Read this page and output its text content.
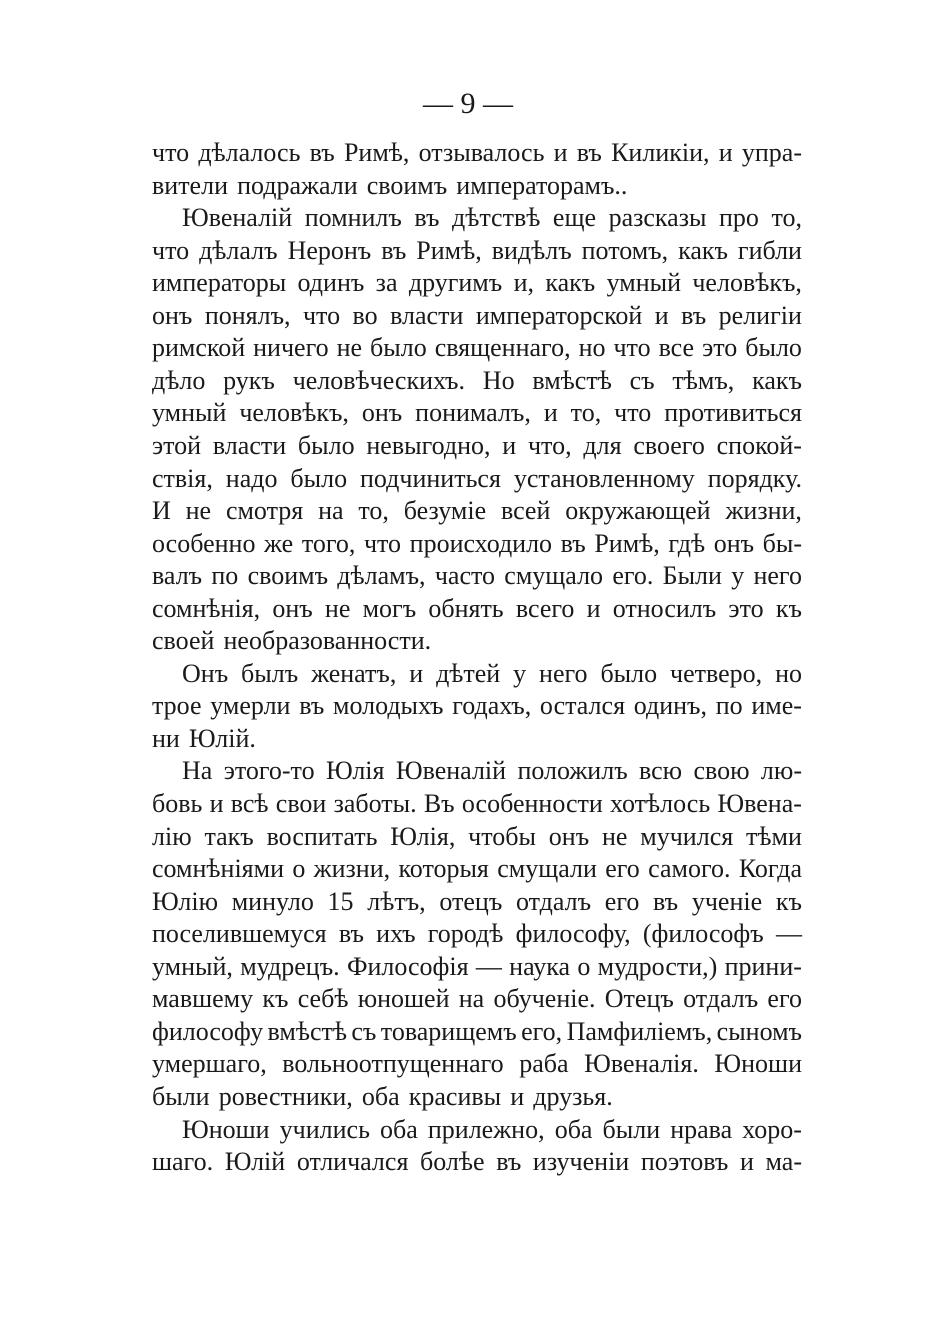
— 9 —
что дѣлалось въ Римѣ, отзывалось и въ Киликіи, и упра-
вители подражали своимъ императорамъ..
Ювеналій помнилъ въ дѣтствѣ еще разсказы про то,
что дѣлалъ Неронъ въ Римѣ, видѣлъ потомъ, какъ гибли
императоры одинъ за другимъ и, какъ умный человѣкъ,
онъ понялъ, что во власти императорской и въ религіи
римской ничего не было священнаго, но что все это было
дѣло рукъ человѣческихъ. Но вмѣстѣ съ тѣмъ, какъ
умный человѣкъ, онъ понималъ, и то, что противиться
этой власти было невыгодно, и что, для своего спокой-
ствія, надо было подчиниться установленному порядку.
И не смотря на то, безуміе всей окружающей жизни,
особенно же того, что происходило въ Римѣ, гдѣ онъ бы-
валъ по своимъ дѣламъ, часто смущало его. Были у него
сомнѣнія, онъ не могъ обнять всего и относилъ это къ
своей необразованности.
Онъ былъ женатъ, и дѣтей у него было четверо, но
трое умерли въ молодыхъ годахъ, остался одинъ, по име-
ни Юлій.
На этого-то Юлія Ювеналій положилъ всю свою лю-
бовь и всѣ свои заботы. Въ особенности хотѣлось Ювена-
лію такъ воспитать Юлія, чтобы онъ не мучился тѣми
сомнѣніями о жизни, которыя смущали его самого. Когда
Юлію минуло 15 лѣтъ, отецъ отдалъ его въ ученіе къ
поселившемуся въ ихъ городѣ философу, (философъ —
умный, мудрецъ. Философія — наука о мудрости,) прини-
мавшему къ себѣ юношей на обученіе. Отецъ отдалъ его
философу вмѣстѣ съ товарищемъ его, Памфиліемъ, сыномъ
умершаго, вольноотпущеннаго раба Ювеналія. Юноши
были ровестники, оба красивы и друзья.
Юноши учились оба прилежно, оба были нрава хоро-
шаго. Юлій отличался болѣе въ изученіи поэтовъ и ма-
